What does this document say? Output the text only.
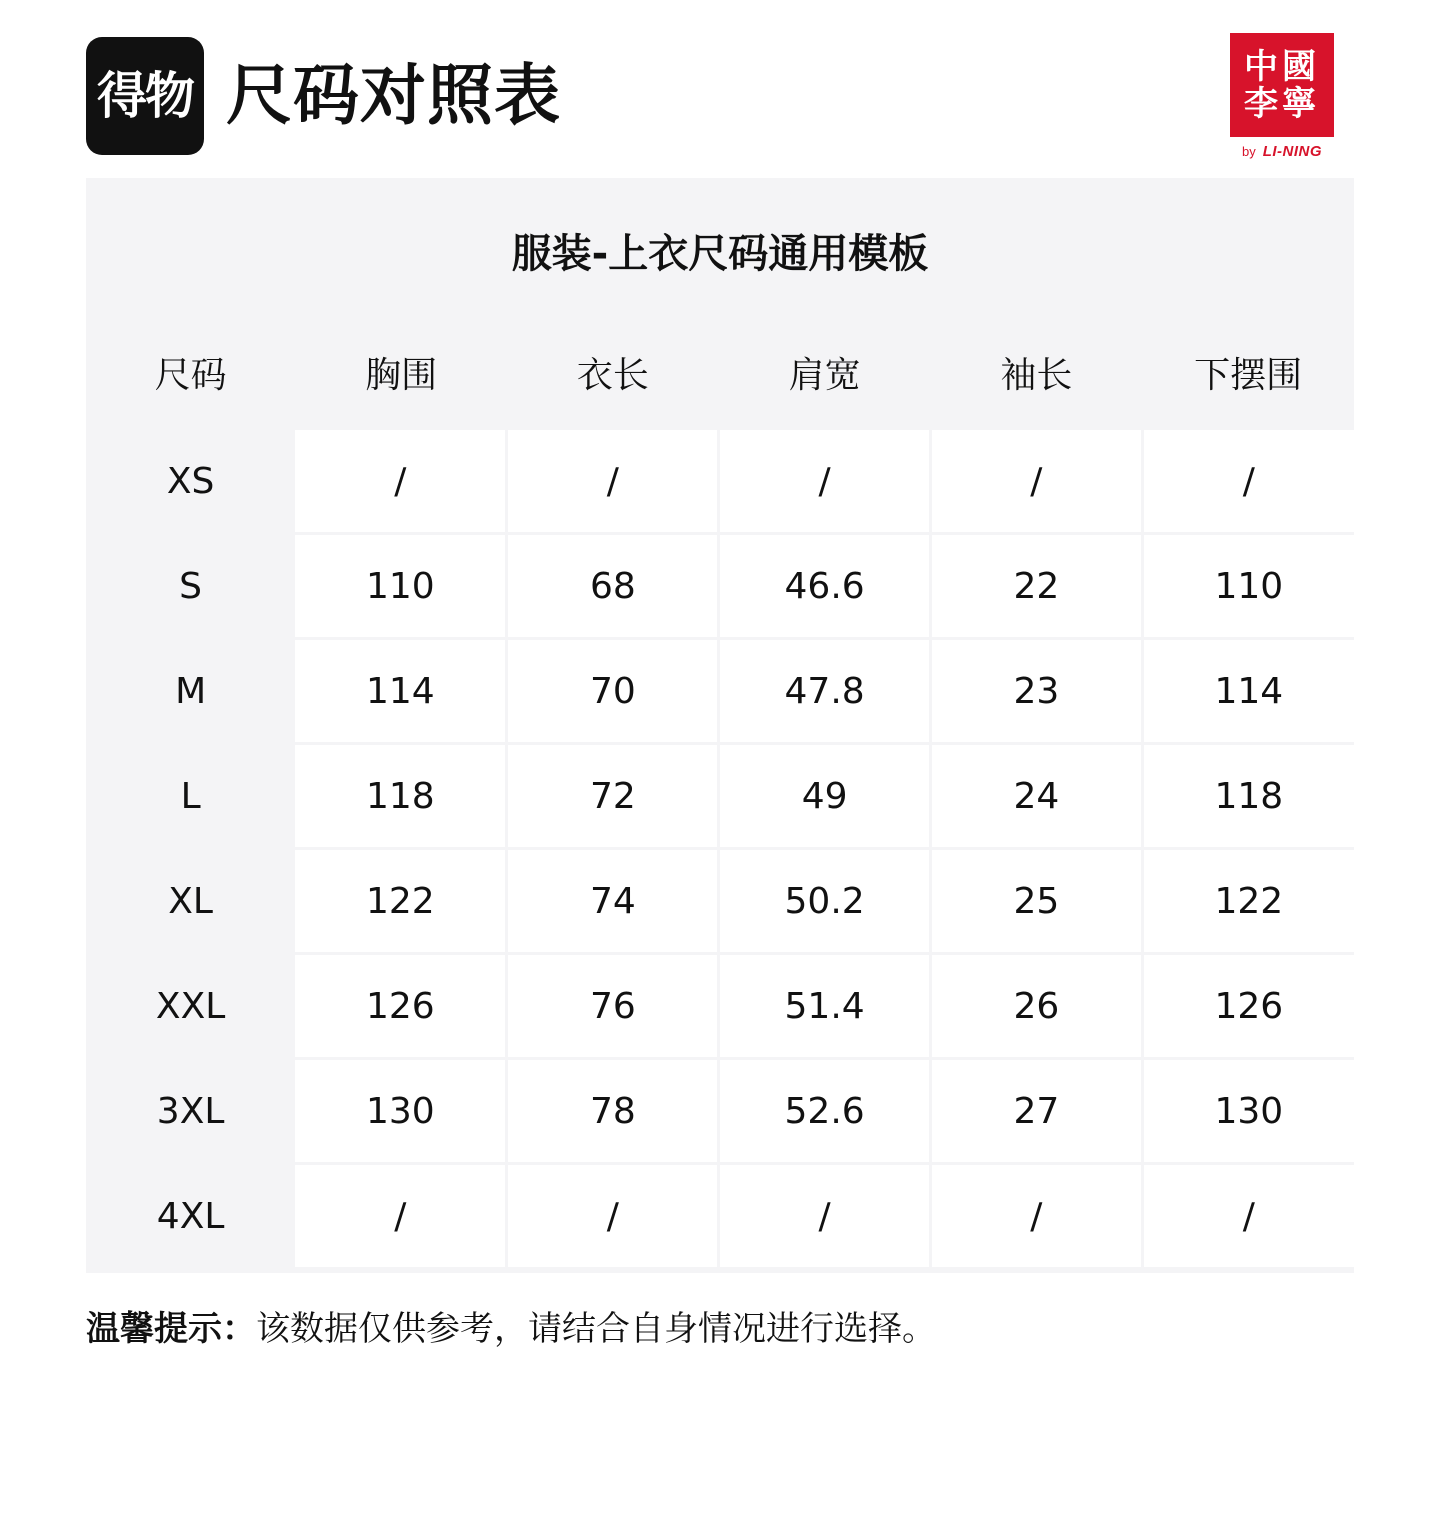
得物 尺码对照表	中國
李寧
by LI-NING
服装-上衣尺码通用模板
尺码	胸围	衣长	肩宽	袖长	下摆围
XS	/	/	/	/	/
S	110	68	46.6	22	110
M	114	70	47.8	23	114
L	118	72	49	24	118
XL	122	74	50.2	25	122
XXL	126	76	51.4	26	126
3XL	130	78	52.6	27	130
4XL	/	/	/	/	/
温馨提示：该数据仅供参考，请结合自身情况进行选择。
